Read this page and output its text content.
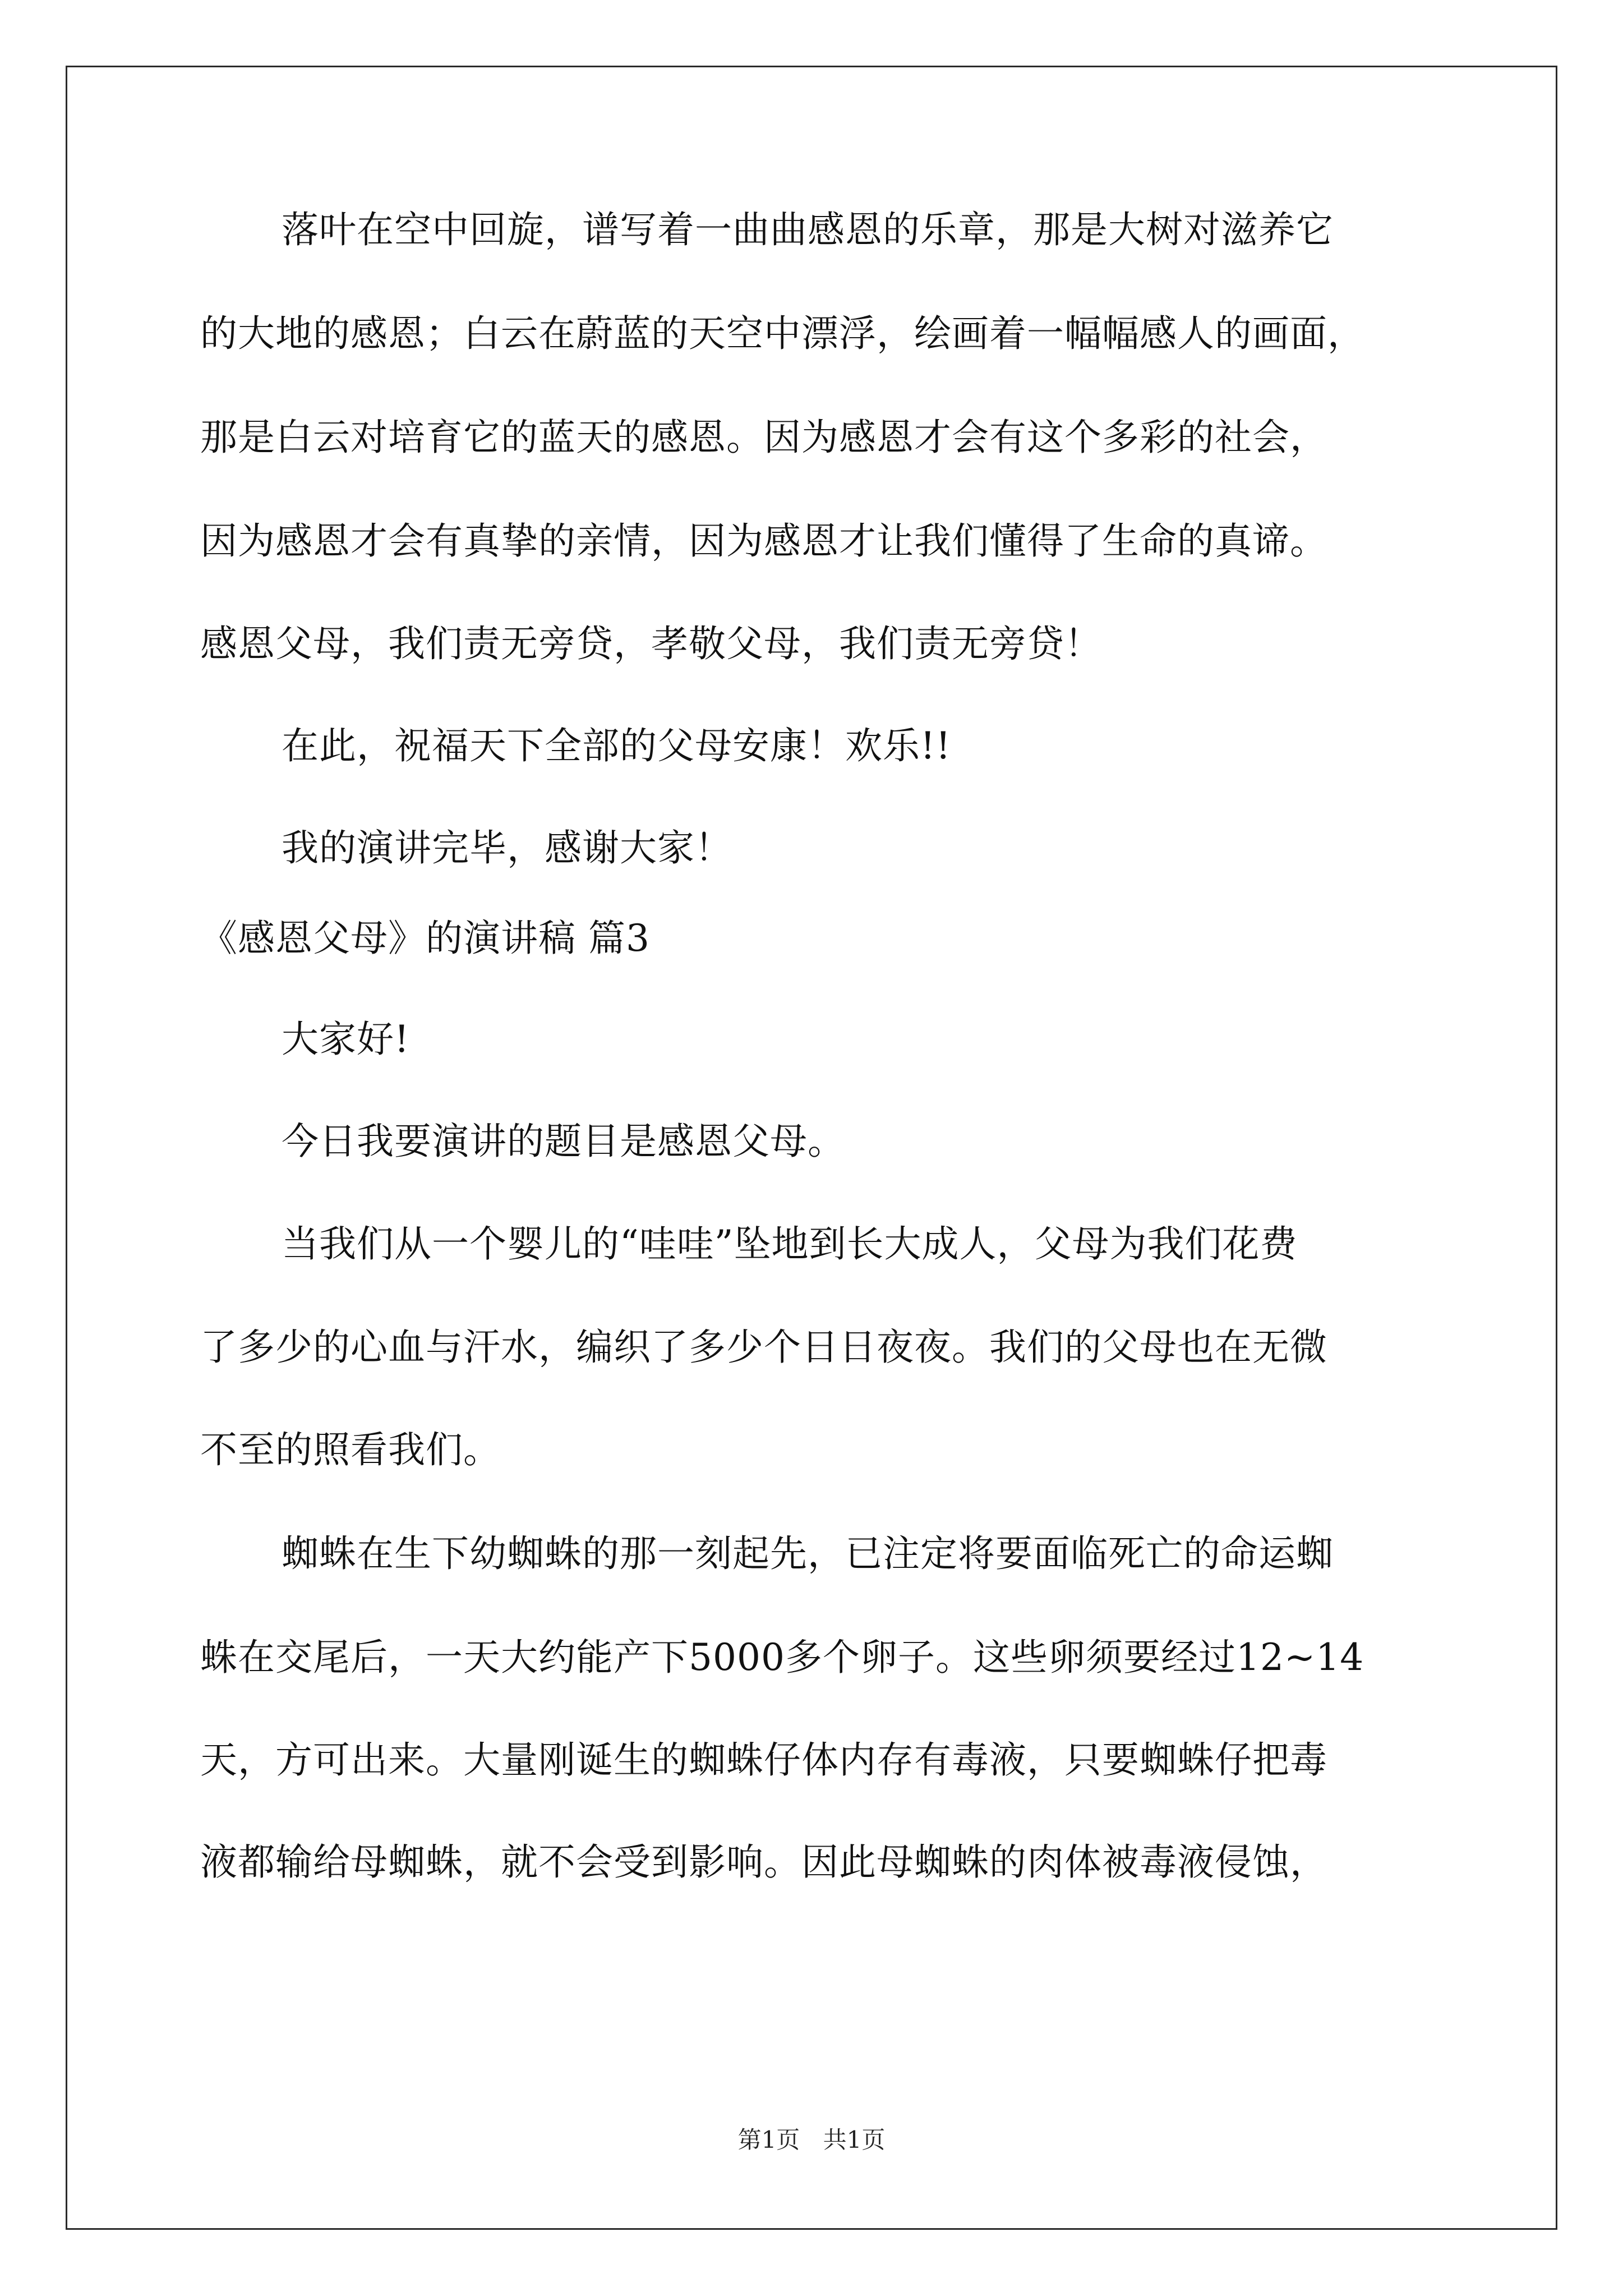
落叶在空中回旋，谱写着一曲曲感恩的乐章，那是大树对滋养它
的大地的感恩；白云在蔚蓝的天空中漂浮，绘画着一幅幅感人的画面，
那是白云对培育它的蓝天的感恩。因为感恩才会有这个多彩的社会，
因为感恩才会有真挚的亲情，因为感恩才让我们懂得了生命的真谛。
感恩父母，我们责无旁贷，孝敬父母，我们责无旁贷！
在此，祝福天下全部的父母安康！欢乐!!
我的演讲完毕，感谢大家！
《感恩父母》的演讲稿 篇3
大家好!
今日我要演讲的题目是感恩父母。
当我们从一个婴儿的“哇哇”坠地到长大成人，父母为我们花费
了多少的心血与汗水，编织了多少个日日夜夜。我们的父母也在无微
不至的照看我们。
蜘蛛在生下幼蜘蛛的那一刻起先，已注定将要面临死亡的命运蜘
蛛在交尾后，一天大约能产下5000多个卵子。这些卵须要经过12~14
天，方可出来。大量刚诞生的蜘蛛仔体内存有毒液，只要蜘蛛仔把毒
液都输给母蜘蛛，就不会受到影响。因此母蜘蛛的肉体被毒液侵蚀，
第1页 共1页
